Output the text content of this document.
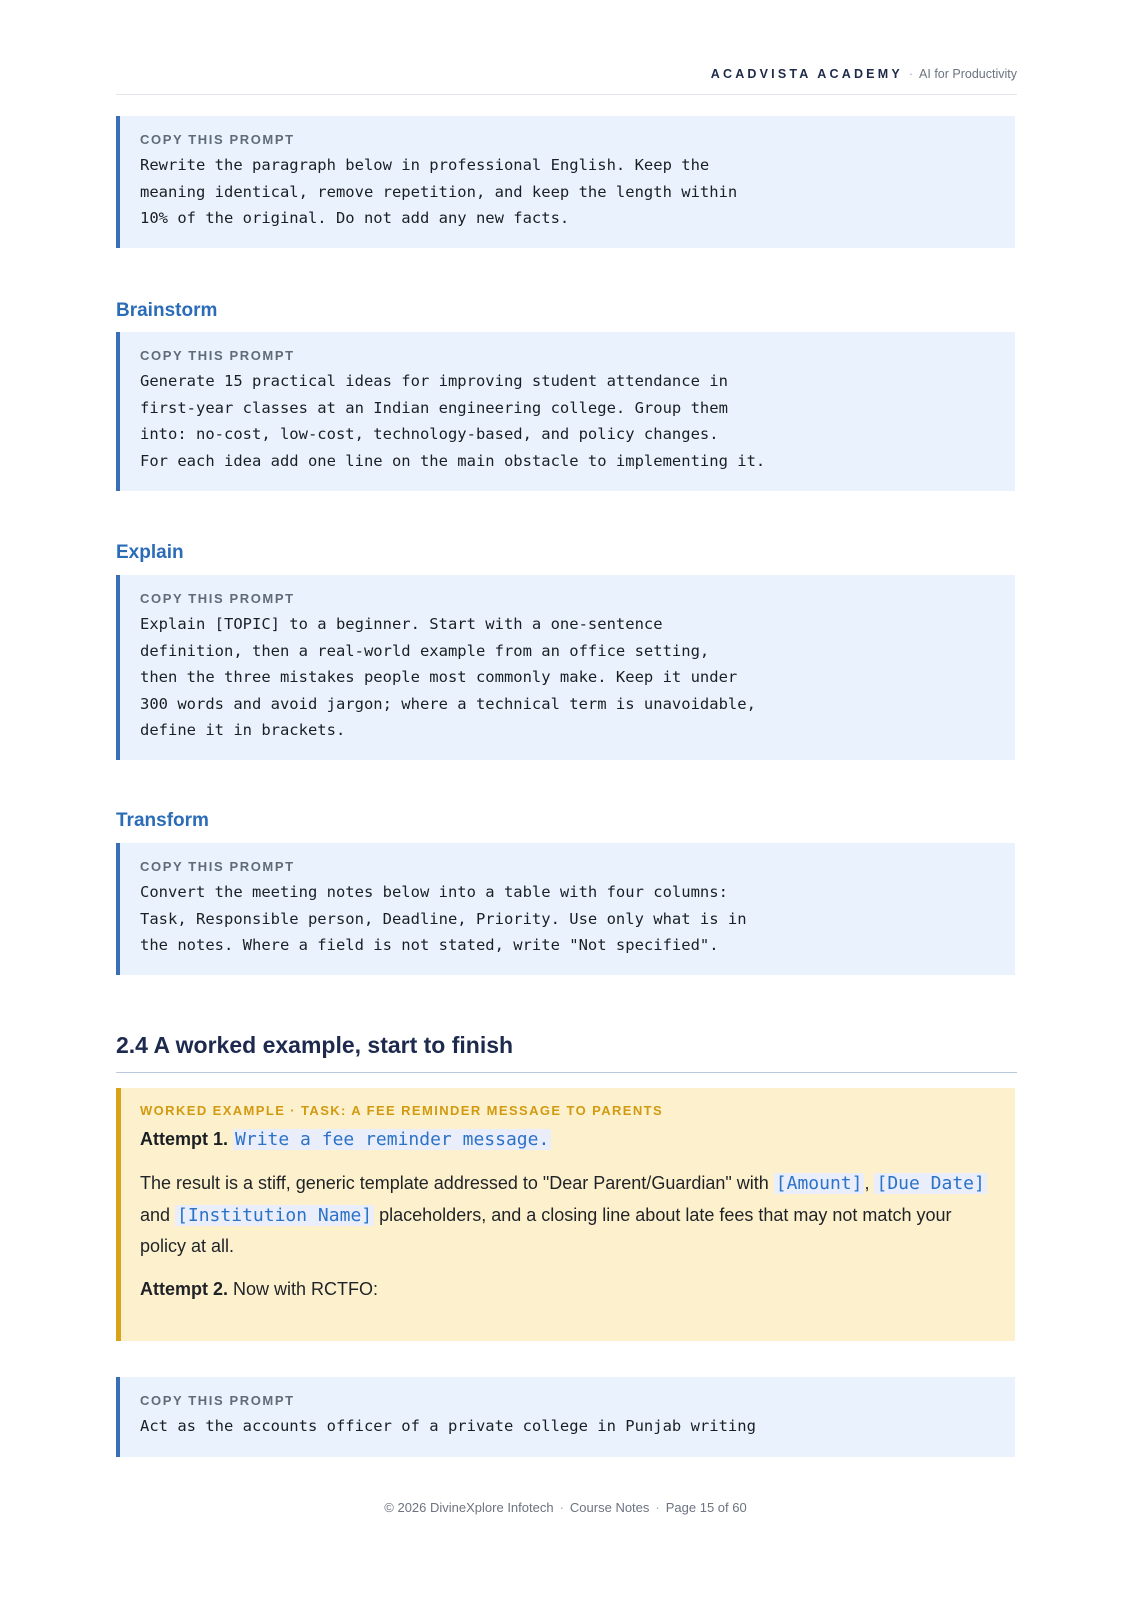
ACADVISTA ACADEMY · AI for Productivity
COPY THIS PROMPT
Rewrite the paragraph below in professional English. Keep the
meaning identical, remove repetition, and keep the length within
10% of the original. Do not add any new facts.
Brainstorm
COPY THIS PROMPT
Generate 15 practical ideas for improving student attendance in
first-year classes at an Indian engineering college. Group them
into: no-cost, low-cost, technology-based, and policy changes.
For each idea add one line on the main obstacle to implementing it.
Explain
COPY THIS PROMPT
Explain [TOPIC] to a beginner. Start with a one-sentence
definition, then a real-world example from an office setting,
then the three mistakes people most commonly make. Keep it under
300 words and avoid jargon; where a technical term is unavoidable,
define it in brackets.
Transform
COPY THIS PROMPT
Convert the meeting notes below into a table with four columns:
Task, Responsible person, Deadline, Priority. Use only what is in
the notes. Where a field is not stated, write "Not specified".
2.4 A worked example, start to finish
WORKED EXAMPLE · TASK: A FEE REMINDER MESSAGE TO PARENTS
Attempt 1. Write a fee reminder message.
The result is a stiff, generic template addressed to "Dear Parent/Guardian" with [Amount] , [Due Date] and [Institution Name] placeholders, and a closing line about late fees that may not match your policy at all.
Attempt 2. Now with RCTFO:
COPY THIS PROMPT
Act as the accounts officer of a private college in Punjab writing
© 2026 DivineXplore Infotech · Course Notes · Page 15 of 60
